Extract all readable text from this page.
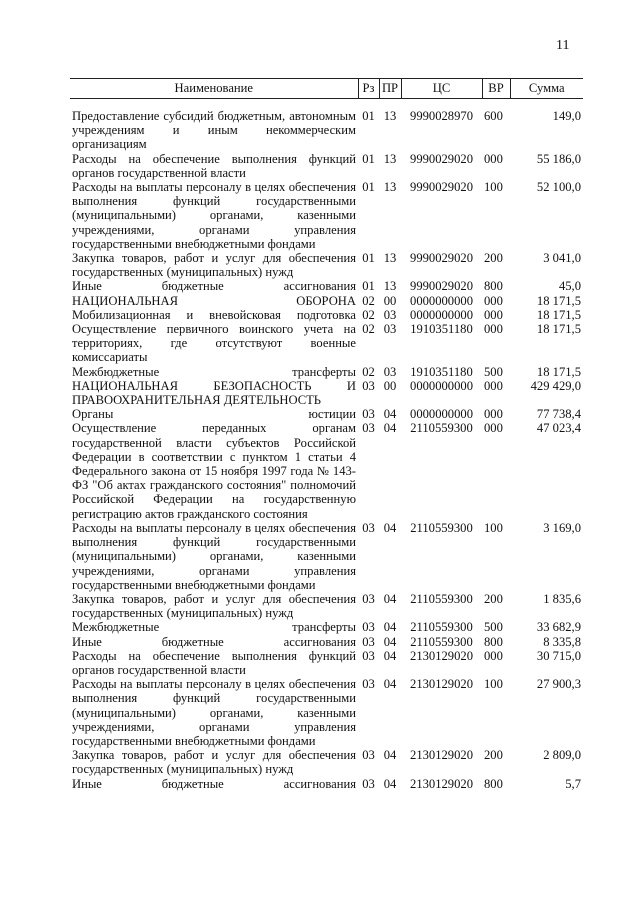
11
Наименование	Рз	ПР	ЦС	ВР	Сумма

Предоставление субсидий бюджетным, автономным учреждениям и иным некоммерческим организациям	01	13	9990028970	600	149,0
Расходы на обеспечение выполнения функций органов государственной власти	01	13	9990029020	000	55 186,0
Расходы на выплаты персоналу в целях обеспечения выполнения функций государственными (муниципальными) органами, казенными учреждениями, органами управления государственными внебюджетными фондами	01	13	9990029020	100	52 100,0
Закупка товаров, работ и услуг для обеспечения государственных (муниципальных) нужд	01	13	9990029020	200	3 041,0
Иные бюджетные ассигнования	01	13	9990029020	800	45,0
НАЦИОНАЛЬНАЯ ОБОРОНА	02	00	0000000000	000	18 171,5
Мобилизационная и вневойсковая подготовка	02	03	0000000000	000	18 171,5
Осуществление первичного воинского учета на территориях, где отсутствуют военные комиссариаты	02	03	1910351180	000	18 171,5
Межбюджетные трансферты	02	03	1910351180	500	18 171,5
НАЦИОНАЛЬНАЯ БЕЗОПАСНОСТЬ И ПРАВООХРАНИТЕЛЬНАЯ ДЕЯТЕЛЬНОСТЬ	03	00	0000000000	000	429 429,0
Органы юстиции	03	04	0000000000	000	77 738,4
Осуществление переданных органам государственной власти субъектов Российской Федерации в соответствии с пунктом 1 статьи 4 Федерального закона от 15 ноября 1997 года № 143-ФЗ "Об актах гражданского состояния" полномочий Российской Федерации на государственную регистрацию актов гражданского состояния	03	04	2110559300	000	47 023,4
Расходы на выплаты персоналу в целях обеспечения выполнения функций государственными (муниципальными) органами, казенными учреждениями, органами управления государственными внебюджетными фондами	03	04	2110559300	100	3 169,0
Закупка товаров, работ и услуг для обеспечения государственных (муниципальных) нужд	03	04	2110559300	200	1 835,6
Межбюджетные трансферты	03	04	2110559300	500	33 682,9
Иные бюджетные ассигнования	03	04	2110559300	800	8 335,8
Расходы на обеспечение выполнения функций органов государственной власти	03	04	2130129020	000	30 715,0
Расходы на выплаты персоналу в целях обеспечения выполнения функций государственными (муниципальными) органами, казенными учреждениями, органами управления государственными внебюджетными фондами	03	04	2130129020	100	27 900,3
Закупка товаров, работ и услуг для обеспечения государственных (муниципальных) нужд	03	04	2130129020	200	2 809,0
Иные бюджетные ассигнования	03	04	2130129020	800	5,7
